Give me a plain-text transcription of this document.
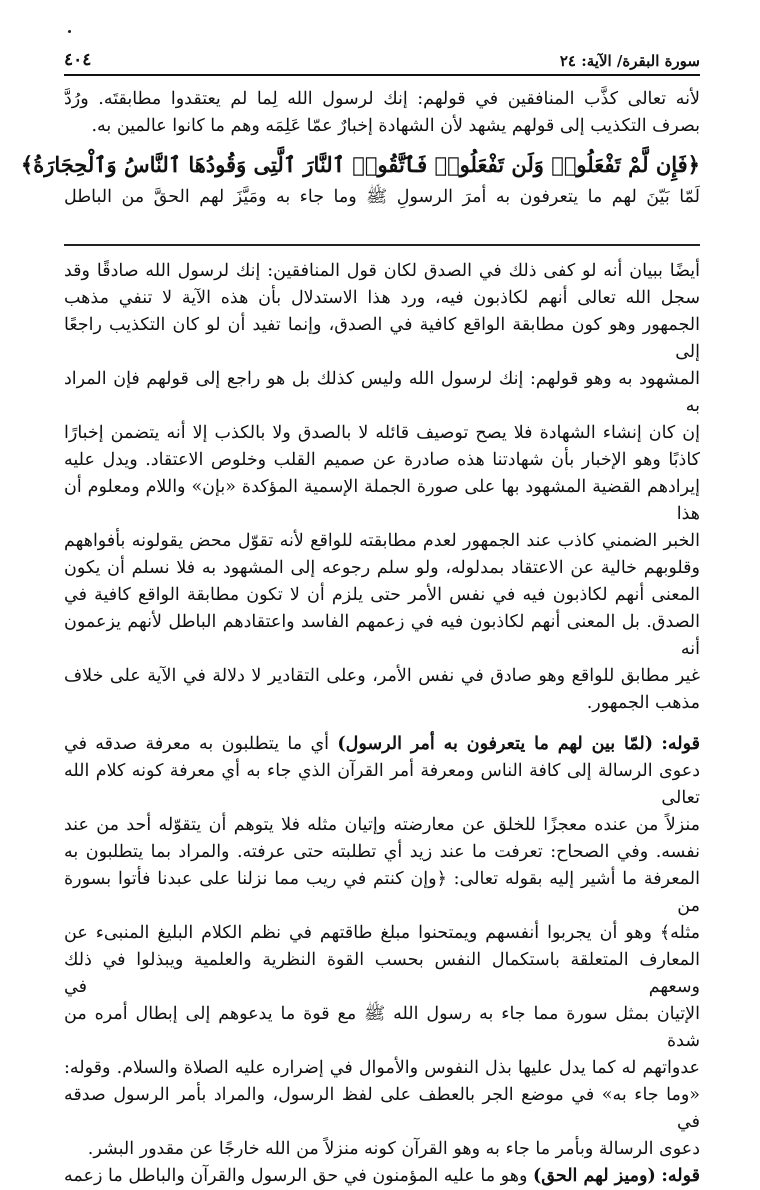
سورة البقرة/ الآية: ٢٤
٤٠٤

لأنه تعالى كذَّب المنافقين في قولهم: إنك لرسول الله لِما لم يعتقدوا مطابقتَه. ورُدَّ

بصرف التكذيب إلى قولهم يشهد لأن الشهادة إخبارٌ عمّا عَلِمَه وهم ما كانوا عالمين به.

﴿فَإِن لَّمْ تَفْعَلُوا۟ وَلَن تَفْعَلُوا۟ فَٱتَّقُوا۟ ٱلنَّارَ ٱلَّتِى وَقُودُهَا ٱلنَّاسُ وَٱلْحِجَارَةُ﴾

لَمّا بَيّنَ لهم ما يتعرفون به أمرَ الرسولِ ﷺ وما جاء به ومَيَّزَ لهم الحقَّ من الباطل

أيضًا ببيان أنه لو كفى ذلك في الصدق لكان قول المنافقين: إنك لرسول الله صادقًا وقد

سجل الله تعالى أنهم لكاذبون فيه، ورد هذا الاستدلال بأن هذه الآية لا تنفي مذهب

الجمهور وهو كون مطابقة الواقع كافية في الصدق، وإنما تفيد أن لو كان التكذيب راجعًا إلى

المشهود به وهو قولهم: إنك لرسول الله وليس كذلك بل هو راجع إلى قولهم فإن المراد به

إن كان إنشاء الشهادة فلا يصح توصيف قائله لا بالصدق ولا بالكذب إلا أنه يتضمن إخبارًا

كاذبًا وهو الإخبار بأن شهادتنا هذه صادرة عن صميم القلب وخلوص الاعتقاد. ويدل عليه

إيرادهم القضية المشهود بها على صورة الجملة الإسمية المؤكدة «بإن» واللام ومعلوم أن هذا

الخبر الضمني كاذب عند الجمهور لعدم مطابقته للواقع لأنه تقوّل محض يقولونه بأفواههم

وقلوبهم خالية عن الاعتقاد بمدلوله، ولو سلم رجوعه إلى المشهود به فلا نسلم أن يكون

المعنى أنهم لكاذبون فيه في نفس الأمر حتى يلزم أن لا تكون مطابقة الواقع كافية في

الصدق. بل المعنى أنهم لكاذبون فيه في زعمهم الفاسد واعتقادهم الباطل لأنهم يزعمون أنه

غير مطابق للواقع وهو صادق في نفس الأمر، وعلى التقادير لا دلالة في الآية على خلاف

مذهب الجمهور.

قوله: (لمّا بين لهم ما يتعرفون به أمر الرسول) أي ما يتطلبون به معرفة صدقه في

دعوى الرسالة إلى كافة الناس ومعرفة أمر القرآن الذي جاء به أي معرفة كونه كلام الله تعالى

منزلاً من عنده معجزًا للخلق عن معارضته وإتيان مثله فلا يتوهم أن يتقوّله أحد من عند

نفسه. وفي الصحاح: تعرفت ما عند زيد أي تطلبته حتى عرفته. والمراد بما يتطلبون به

المعرفة ما أشير إليه بقوله تعالى: ﴿وإن كنتم في ريب مما نزلنا على عبدنا فأتوا بسورة من

مثله﴾ وهو أن يجربوا أنفسهم ويمتحنوا مبلغ طاقتهم في نظم الكلام البليغ المنبىء عن

المعارف المتعلقة باستكمال النفس بحسب القوة النظرية والعلمية ويبذلوا في ذلك وسعهم في

الإتيان بمثل سورة مما جاء به رسول الله ﷺ مع قوة ما يدعوهم إلى إبطال أمره من شدة

عدواتهم له كما يدل عليها بذل النفوس والأموال في إضراره عليه الصلاة والسلام. وقوله:

«وما جاء به» في موضع الجر بالعطف على لفظ الرسول، والمراد بأمر الرسول صدقه في

دعوى الرسالة وبأمر ما جاء به وهو القرآن كونه منزلاً من الله خارجًا عن مقدور البشر.

قوله: (وميز لهم الحق) وهو ما عليه المؤمنون في حق الرسول والقرآن والباطل ما زعمه
